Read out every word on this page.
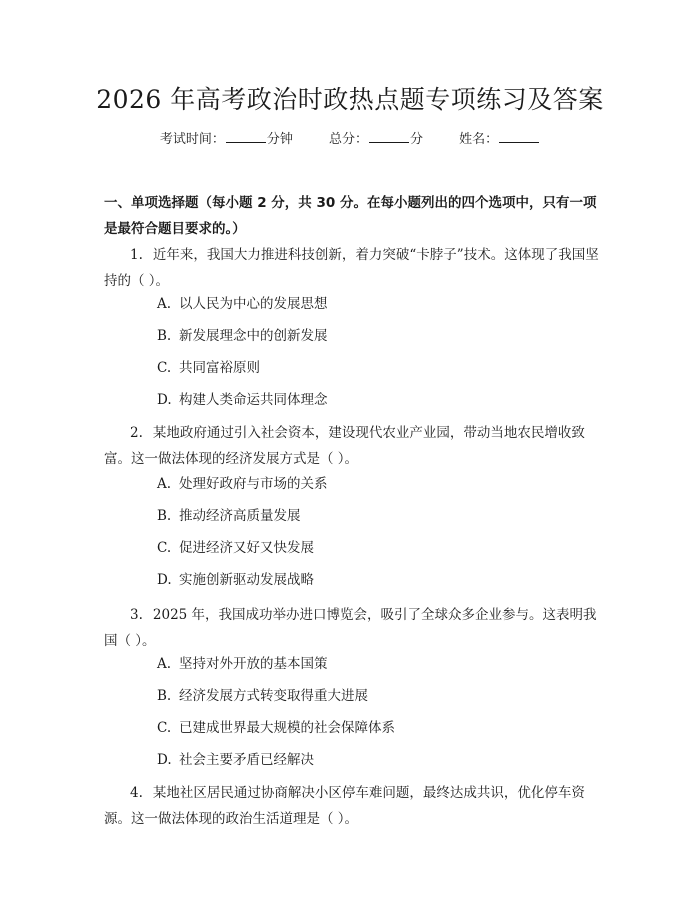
2026 年高考政治时政热点题专项练习及答案
考试时间：	分钟	总分：	分	姓名：
一、单项选择题（每小题 2 分，共 30 分。在每小题列出的四个选项中，只有一项是最符合题目要求的。）
1. 近年来，我国大力推进科技创新，着力突破“卡脖子”技术。这体现了我国坚持的（ ）。
A. 以人民为中心的发展思想
B. 新发展理念中的创新发展
C. 共同富裕原则
D. 构建人类命运共同体理念
2. 某地政府通过引入社会资本，建设现代农业产业园，带动当地农民增收致富。这一做法体现的经济发展方式是（ ）。
A. 处理好政府与市场的关系
B. 推动经济高质量发展
C. 促进经济又好又快发展
D. 实施创新驱动发展战略
3. 2025 年，我国成功举办进口博览会，吸引了全球众多企业参与。这表明我国（ ）。
A. 坚持对外开放的基本国策
B. 经济发展方式转变取得重大进展
C. 已建成世界最大规模的社会保障体系
D. 社会主要矛盾已经解决
4. 某地社区居民通过协商解决小区停车难问题，最终达成共识，优化停车资源。这一做法体现的政治生活道理是（ ）。
